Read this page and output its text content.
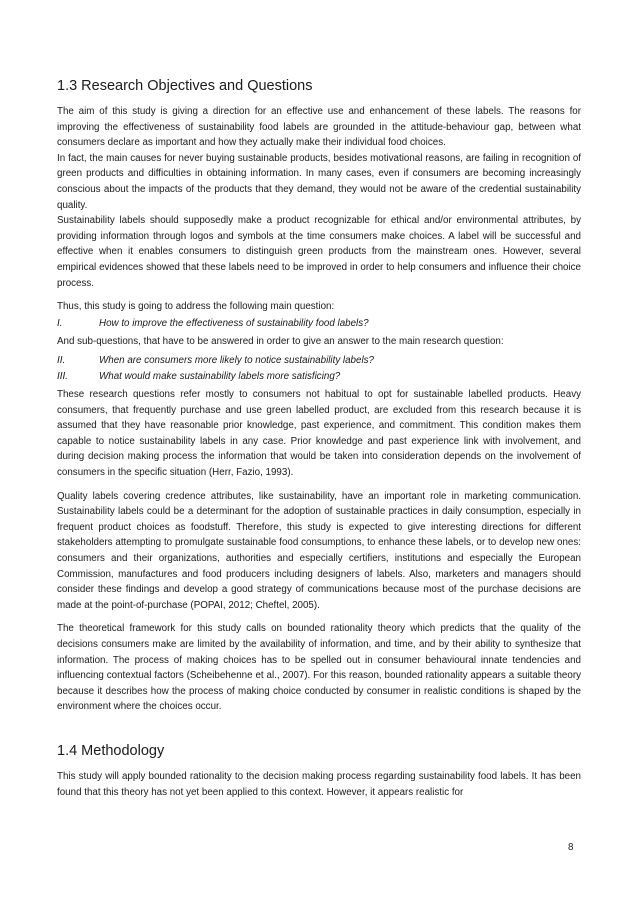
1.3 Research Objectives and Questions

The aim of this study is giving a direction for an effective use and enhancement of these labels. The reasons for improving the effectiveness of sustainability food labels are grounded in the attitude-behaviour gap, between what consumers declare as important and how they actually make their individual food choices.

In fact, the main causes for never buying sustainable products, besides motivational reasons, are failing in recognition of green products and difficulties in obtaining information. In many cases, even if consumers are becoming increasingly conscious about the impacts of the products that they demand, they would not be aware of the credential sustainability quality.

Sustainability labels should supposedly make a product recognizable for ethical and/or environmental attributes, by providing information through logos and symbols at the time consumers make choices. A label will be successful and effective when it enables consumers to distinguish green products from the mainstream ones. However, several empirical evidences showed that these labels need to be improved in order to help consumers and influence their choice process.

Thus, this study is going to address the following main question:

I.	How to improve the effectiveness of sustainability food labels?

And sub-questions, that have to be answered in order to give an answer to the main research question:

II.	When are consumers more likely to notice sustainability labels?
III.	What would make sustainability labels more satisficing?

These research questions refer mostly to consumers not habitual to opt for sustainable labelled products. Heavy consumers, that frequently purchase and use green labelled product, are excluded from this research because it is assumed that they have reasonable prior knowledge, past experience, and commitment. This condition makes them capable to notice sustainability labels in any case. Prior knowledge and past experience link with involvement, and during decision making process the information that would be taken into consideration depends on the involvement of consumers in the specific situation (Herr, Fazio, 1993).

Quality labels covering credence attributes, like sustainability, have an important role in marketing communication. Sustainability labels could be a determinant for the adoption of sustainable practices in daily consumption, especially in frequent product choices as foodstuff. Therefore, this study is expected to give interesting directions for different stakeholders attempting to promulgate sustainable food consumptions, to enhance these labels, or to develop new ones: consumers and their organizations, authorities and especially certifiers, institutions and especially the European Commission, manufactures and food producers including designers of labels. Also, marketers and managers should consider these findings and develop a good strategy of communications because most of the purchase decisions are made at the point-of-purchase (POPAI, 2012; Cheftel, 2005).

The theoretical framework for this study calls on bounded rationality theory which predicts that the quality of the decisions consumers make are limited by the availability of information, and time, and by their ability to synthesize that information. The process of making choices has to be spelled out in consumer behavioural innate tendencies and influencing contextual factors (Scheibehenne et al., 2007). For this reason, bounded rationality appears a suitable theory because it describes how the process of making choice conducted by consumer in realistic conditions is shaped by the environment where the choices occur.

1.4 Methodology

This study will apply bounded rationality to the decision making process regarding sustainability food labels. It has been found that this theory has not yet been applied to this context. However, it appears realistic for

8
